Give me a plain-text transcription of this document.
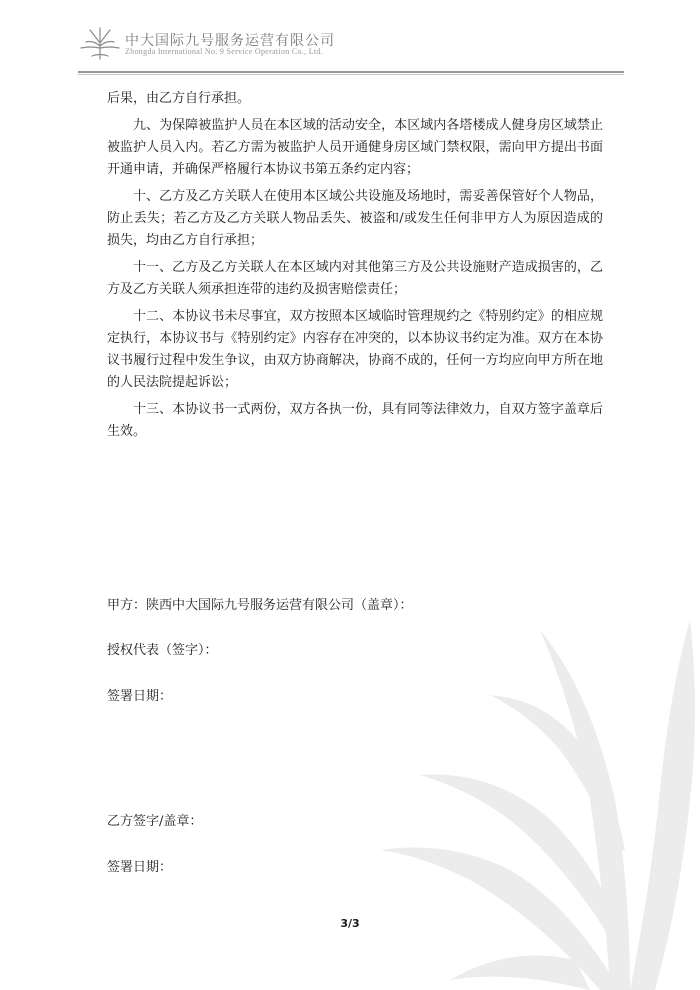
中大国际九号服务运营有限公司
Zhongda International No. 9 Service Operation Co., Ltd.

后果，由乙方自行承担。

九、为保障被监护人员在本区域的活动安全，本区域内各塔楼成人健身房区域禁止被监护人员入内。若乙方需为被监护人员开通健身房区域门禁权限，需向甲方提出书面开通申请，并确保严格履行本协议书第五条约定内容；

十、乙方及乙方关联人在使用本区域公共设施及场地时，需妥善保管好个人物品，防止丢失；若乙方及乙方关联人物品丢失、被盗和/或发生任何非甲方人为原因造成的损失，均由乙方自行承担；

十一、乙方及乙方关联人在本区域内对其他第三方及公共设施财产造成损害的，乙方及乙方关联人须承担连带的违约及损害赔偿责任；

十二、本协议书未尽事宜，双方按照本区域临时管理规约之《特别约定》的相应规定执行，本协议书与《特别约定》内容存在冲突的，以本协议书约定为准。双方在本协议书履行过程中发生争议，由双方协商解决，协商不成的，任何一方均应向甲方所在地的人民法院提起诉讼；

十三、本协议书一式两份，双方各执一份，具有同等法律效力，自双方签字盖章后生效。

甲方：陕西中大国际九号服务运营有限公司（盖章）：
授权代表（签字）：
签署日期：
乙方签字/盖章：
签署日期：
3/3
